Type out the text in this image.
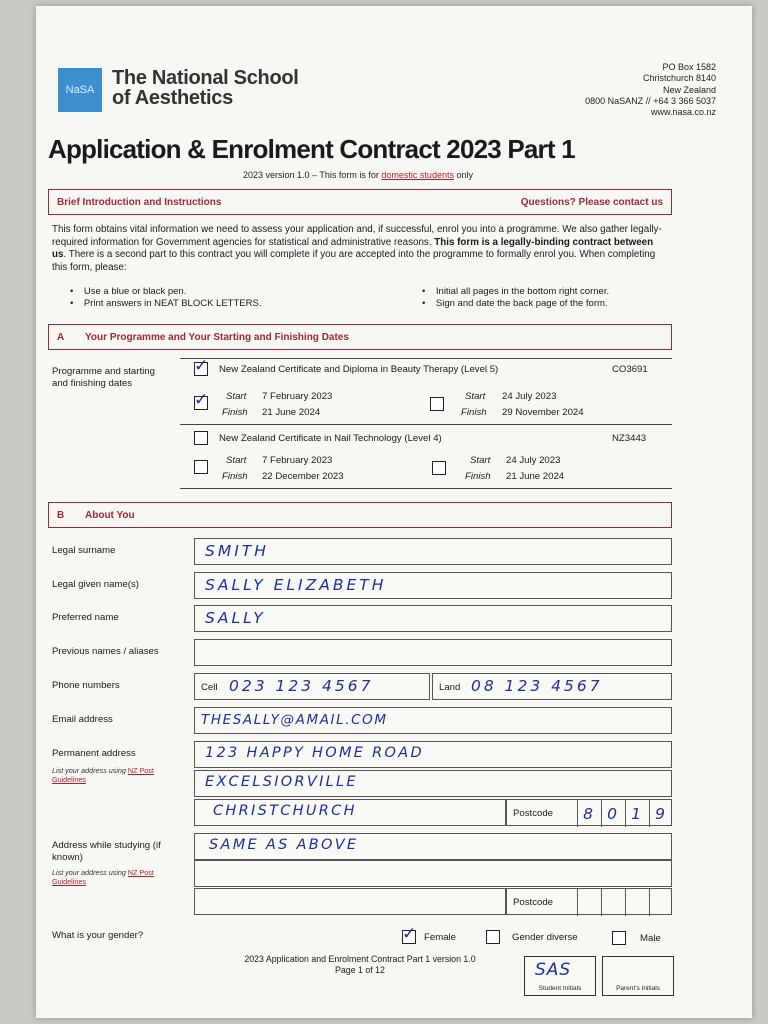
NaSA
The National School
of Aesthetics
PO Box 1582
Christchurch 8140
New Zealand
0800 NaSANZ // +64 3 366 5037
www.nasa.co.nz
Application & Enrolment Contract 2023 Part 1
2023 version 1.0 – This form is for domestic students only
Brief Introduction and Instructions	Questions? Please contact us
This form obtains vital information we need to assess your application and, if successful, enrol you into a programme. We also gather legally-required information for Government agencies for statistical and administrative reasons. This form is a legally-binding contract between us. There is a second part to this contract you will complete if you are accepted into the programme to formally enrol you. When completing this form, please:
•    Use a blue or black pen.
•    Print answers in NEAT BLOCK LETTERS.
•    Initial all pages in the bottom right corner.
•    Sign and date the back page of the form.
A	Your Programme and Your Starting and Finishing Dates
Programme and starting and finishing dates
✓ New Zealand Certificate and Diploma in Beauty Therapy (Level 5)	CO3691
✓ Start 7 February 2023
Finish 21 June 2024
Start 24 July 2023
Finish 29 November 2024
New Zealand Certificate in Nail Technology (Level 4)	NZ3443
Start 7 February 2023
Finish 22 December 2023
Start 24 July 2023
Finish 21 June 2024
B	About You
Legal surname	SMITH
Legal given name(s)	SALLY ELIZABETH
Preferred name	SALLY
Previous names / aliases
Phone numbers	Cell 023 123 4567	Land 08 123 4567
Email address	THESALLY@AMAIL.COM
Permanent address
List your address using NZ Post Guidelines
123 HAPPY HOME ROAD
EXCELSIORVILLE
CHRISTCHURCH	Postcode 8 0 1 9
Address while studying (if known)
List your address using NZ Post Guidelines
SAME AS ABOVE
Postcode
What is your gender?	✓ Female	Gender diverse	Male
2023 Application and Enrolment Contract Part 1 version 1.0
Page 1 of 12	SAS
Student Initials	Parent's Initials
